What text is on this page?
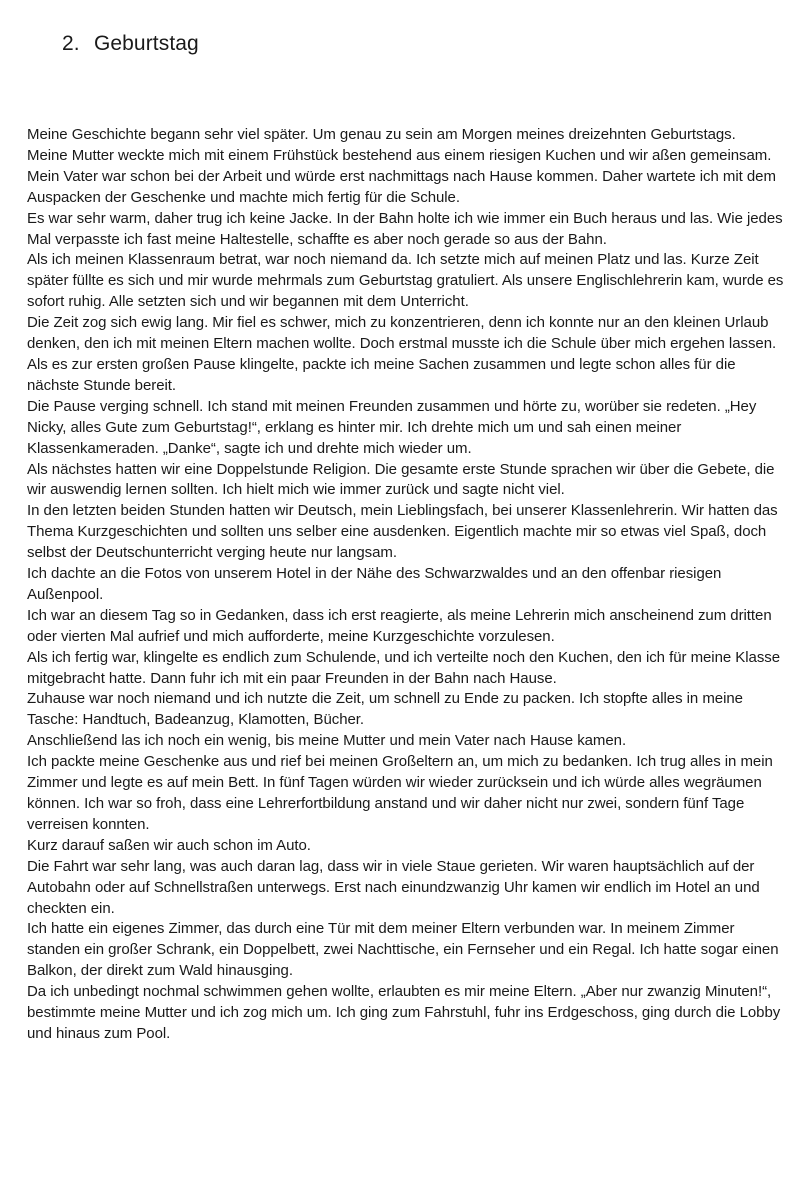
2. Geburtstag

Meine Geschichte begann sehr viel später. Um genau zu sein am Morgen meines dreizehnten Geburtstags.

Meine Mutter weckte mich mit einem Frühstück bestehend aus einem riesigen Kuchen und wir aßen gemeinsam. Mein Vater war schon bei der Arbeit und würde erst nachmittags nach Hause kommen. Daher wartete ich mit dem Auspacken der Geschenke und machte mich fertig für die Schule.

Es war sehr warm, daher trug ich keine Jacke. In der Bahn holte ich wie immer ein Buch heraus und las. Wie jedes Mal verpasste ich fast meine Haltestelle, schaffte es aber noch gerade so aus der Bahn.

Als ich meinen Klassenraum betrat, war noch niemand da. Ich setzte mich auf meinen Platz und las. Kurze Zeit später füllte es sich und mir wurde mehrmals zum Geburtstag gratuliert. Als unsere Englischlehrerin kam, wurde es sofort ruhig. Alle setzten sich und wir begannen mit dem Unterricht.

Die Zeit zog sich ewig lang. Mir fiel es schwer, mich zu konzentrieren, denn ich konnte nur an den kleinen Urlaub denken, den ich mit meinen Eltern machen wollte. Doch erstmal musste ich die Schule über mich ergehen lassen.

Als es zur ersten großen Pause klingelte, packte ich meine Sachen zusammen und legte schon alles für die nächste Stunde bereit.

Die Pause verging schnell. Ich stand mit meinen Freunden zusammen und hörte zu, worüber sie redeten. „Hey Nicky, alles Gute zum Geburtstag!“, erklang es hinter mir. Ich drehte mich um und sah einen meiner Klassenkameraden. „Danke“, sagte ich und drehte mich wieder um.

Als nächstes hatten wir eine Doppelstunde Religion. Die gesamte erste Stunde sprachen wir über die Gebete, die wir auswendig lernen sollten. Ich hielt mich wie immer zurück und sagte nicht viel.

In den letzten beiden Stunden hatten wir Deutsch, mein Lieblingsfach, bei unserer Klassenlehrerin. Wir hatten das Thema Kurzgeschichten und sollten uns selber eine ausdenken. Eigentlich machte mir so etwas viel Spaß, doch selbst der Deutschunterricht verging heute nur langsam.

Ich dachte an die Fotos von unserem Hotel in der Nähe des Schwarzwaldes und an den offenbar riesigen Außenpool.

Ich war an diesem Tag so in Gedanken, dass ich erst reagierte, als meine Lehrerin mich anscheinend zum dritten oder vierten Mal aufrief und mich aufforderte, meine Kurzgeschichte vorzulesen.

Als ich fertig war, klingelte es endlich zum Schulende, und ich verteilte noch den Kuchen, den ich für meine Klasse mitgebracht hatte. Dann fuhr ich mit ein paar Freunden in der Bahn nach Hause.

Zuhause war noch niemand und ich nutzte die Zeit, um schnell zu Ende zu packen. Ich stopfte alles in meine Tasche: Handtuch, Badeanzug, Klamotten, Bücher.

Anschließend las ich noch ein wenig, bis meine Mutter und mein Vater nach Hause kamen.

Ich packte meine Geschenke aus und rief bei meinen Großeltern an, um mich zu bedanken. Ich trug alles in mein Zimmer und legte es auf mein Bett. In fünf Tagen würden wir wieder zurücksein und ich würde alles wegräumen können. Ich war so froh, dass eine Lehrerfortbildung anstand und wir daher nicht nur zwei, sondern fünf Tage verreisen konnten.

Kurz darauf saßen wir auch schon im Auto.

Die Fahrt war sehr lang, was auch daran lag, dass wir in viele Staue gerieten. Wir waren hauptsächlich auf der Autobahn oder auf Schnellstraßen unterwegs. Erst nach einundzwanzig Uhr kamen wir endlich im Hotel an und checkten ein.

Ich hatte ein eigenes Zimmer, das durch eine Tür mit dem meiner Eltern verbunden war. In meinem Zimmer standen ein großer Schrank, ein Doppelbett, zwei Nachttische, ein Fernseher und ein Regal. Ich hatte sogar einen Balkon, der direkt zum Wald hinausging.

Da ich unbedingt nochmal schwimmen gehen wollte, erlaubten es mir meine Eltern. „Aber nur zwanzig Minuten!“, bestimmte meine Mutter und ich zog mich um. Ich ging zum Fahrstuhl, fuhr ins Erdgeschoss, ging durch die Lobby und hinaus zum Pool.
